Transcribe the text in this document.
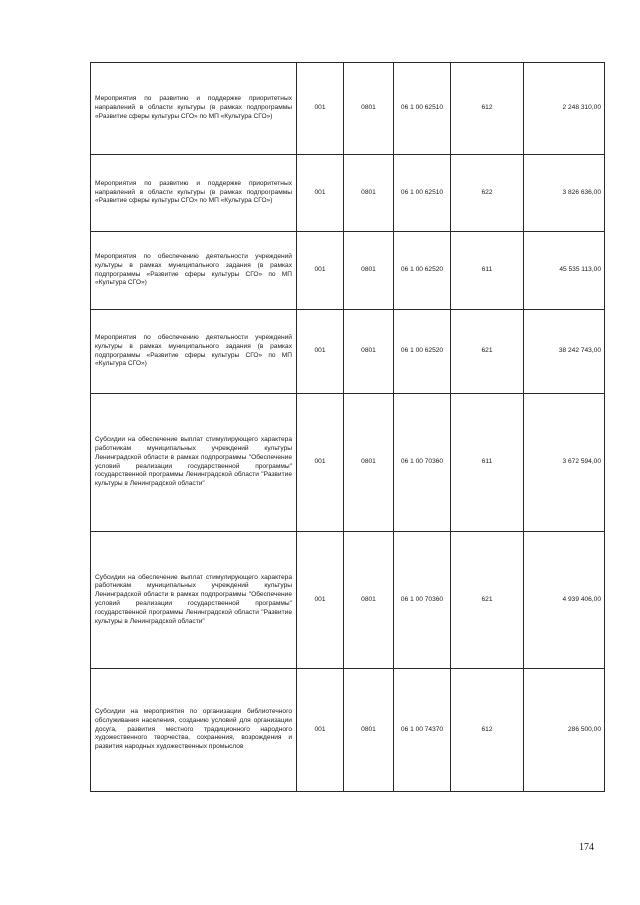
Мероприятия по развитию и поддержке приоритетных направлений в области культуры (в рамках подпрограммы «Развитие сферы культуры СГО» по МП «Культура СГО»)	001	0801	06 1 00 62510	612	2 248 310,00
Мероприятия по развитию и поддержке приоритетных направлений в области культуры (в рамках подпрограммы «Развитие сферы культуры СГО» по МП «Культура СГО»)	001	0801	06 1 00 62510	622	3 826 636,00
Мероприятия по обеспечению деятельности учреждений культуры в рамках муниципального задания (в рамках подпрограммы «Развитие сферы культуры СГО» по МП «Культура СГО»)	001	0801	06 1 00 62520	611	45 535 113,00
Мероприятия по обеспечению деятельности учреждений культуры в рамках муниципального задания (в рамках подпрограммы «Развитие сферы культуры СГО» по МП «Культура СГО»)	001	0801	06 1 00 62520	621	38 242 743,00
Субсидии на обеспечение выплат стимулирующего характера работникам муниципальных учреждений культуры Ленинградской области в рамках подпрограммы "Обеспечение условий реализации государственной программы" государственной программы Ленинградской области "Развитие культуры в Ленинградской области"	001	0801	06 1 00 70360	611	3 672 594,00
Субсидии на обеспечение выплат стимулирующего характера работникам муниципальных учреждений культуры Ленинградской области в рамках подпрограммы "Обеспечение условий реализации государственной программы" государственной программы Ленинградской области "Развитие культуры в Ленинградской области"	001	0801	06 1 00 70360	621	4 939 406,00
Субсидии на мероприятия по организации библиотечного обслуживания населения, созданию условий для организации досуга, развития местного традиционного народного художественного творчества, сохранения, возрождения и развития народных художественных промыслов	001	0801	06 1 00 74370	612	286 500,00
174
